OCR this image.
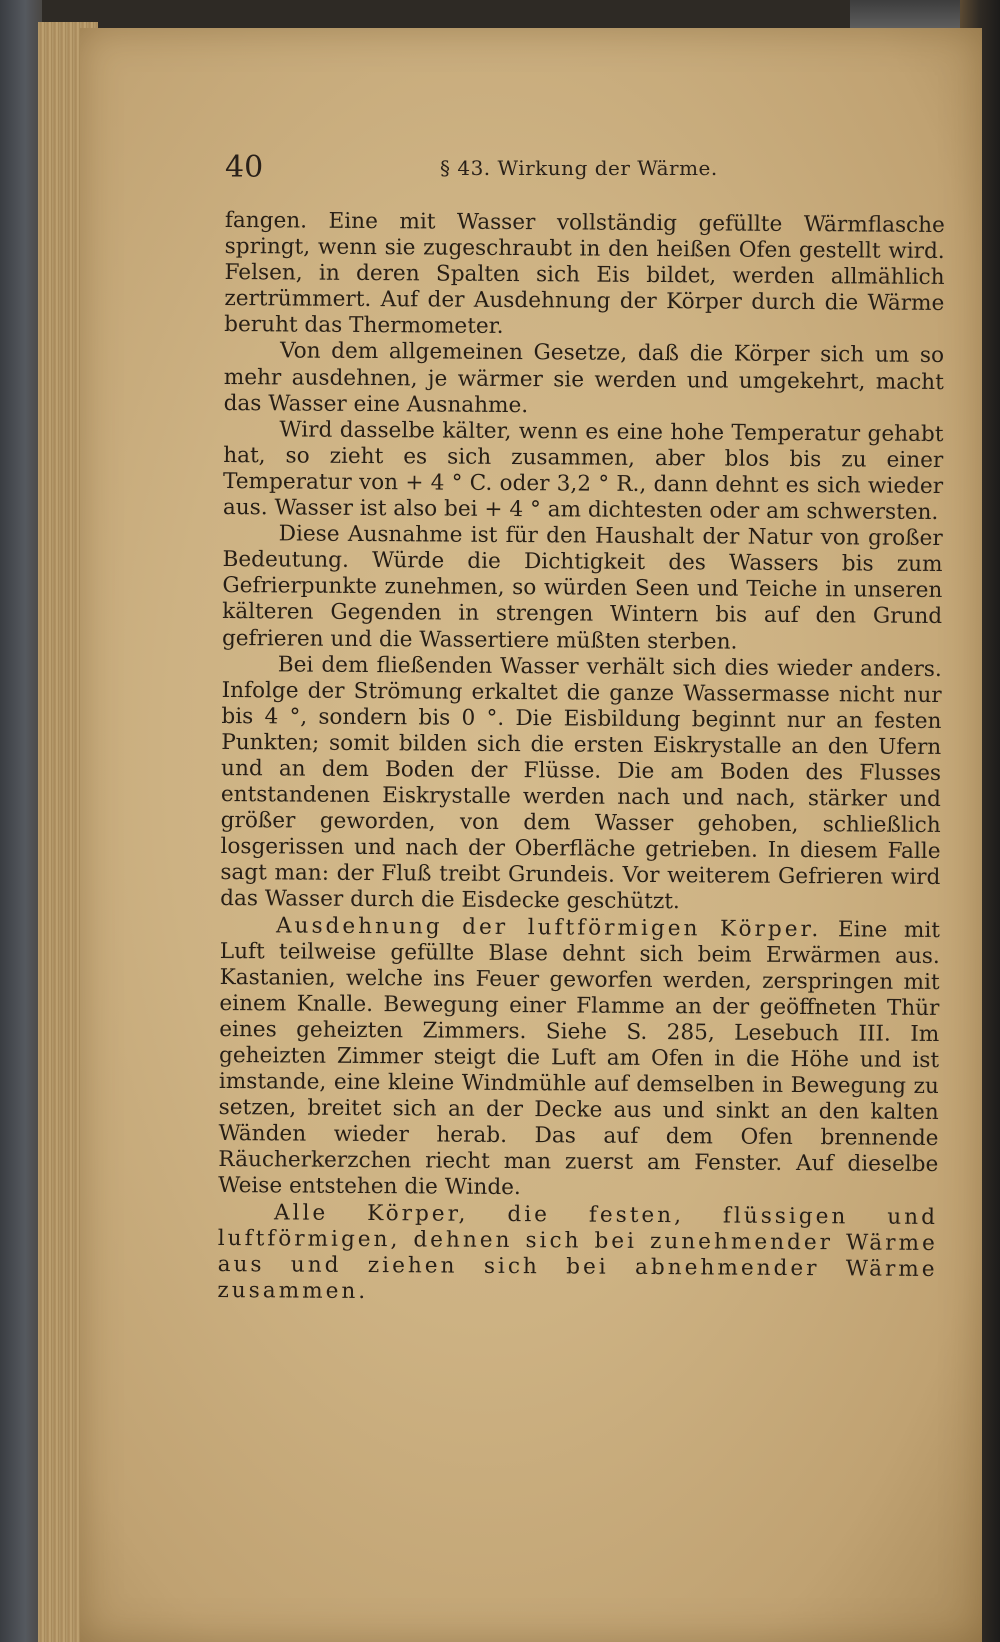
40	§ 43. Wirkung der Wärme.

fangen. Eine mit Wasser vollständig gefüllte Wärmflasche springt, wenn sie zugeschraubt in den heißen Ofen gestellt wird. Felsen, in deren Spalten sich Eis bildet, werden allmählich zertrümmert. Auf der Ausdehnung der Körper durch die Wärme beruht das Thermometer.

Von dem allgemeinen Gesetze, daß die Körper sich um so mehr ausdehnen, je wärmer sie werden und umgekehrt, macht das Wasser eine Ausnahme.

Wird dasselbe kälter, wenn es eine hohe Temperatur gehabt hat, so zieht es sich zusammen, aber blos bis zu einer Temperatur von + 4 ° C. oder 3,2 ° R., dann dehnt es sich wieder aus. Wasser ist also bei + 4 ° am dichtesten oder am schwersten.

Diese Ausnahme ist für den Haushalt der Natur von großer Bedeutung. Würde die Dichtigkeit des Wassers bis zum Gefrierpunkte zunehmen, so würden Seen und Teiche in unseren kälteren Gegenden in strengen Wintern bis auf den Grund gefrieren und die Wassertiere müßten sterben.

Bei dem fließenden Wasser verhält sich dies wieder anders. Infolge der Strömung erkaltet die ganze Wassermasse nicht nur bis 4 °, sondern bis 0 °. Die Eisbildung beginnt nur an festen Punkten; somit bilden sich die ersten Eiskrystalle an den Ufern und an dem Boden der Flüsse. Die am Boden des Flusses entstandenen Eiskrystalle werden nach und nach, stärker und größer geworden, von dem Wasser gehoben, schließlich losgerissen und nach der Oberfläche getrieben. In diesem Falle sagt man: der Fluß treibt Grundeis. Vor weiterem Gefrieren wird das Wasser durch die Eisdecke geschützt.

Ausdehnung der luftförmigen Körper. Eine mit Luft teilweise gefüllte Blase dehnt sich beim Erwärmen aus. Kastanien, welche ins Feuer geworfen werden, zerspringen mit einem Knalle. Bewegung einer Flamme an der geöffneten Thür eines geheizten Zimmers. Siehe S. 285, Lesebuch III. Im geheizten Zimmer steigt die Luft am Ofen in die Höhe und ist imstande, eine kleine Windmühle auf demselben in Bewegung zu setzen, breitet sich an der Decke aus und sinkt an den kalten Wänden wieder herab. Das auf dem Ofen brennende Räucherkerzchen riecht man zuerst am Fenster. Auf dieselbe Weise entstehen die Winde.

Alle Körper, die festen, flüssigen und luftförmigen, dehnen sich bei zunehmender Wärme aus und ziehen sich bei abnehmender Wärme zusammen.
